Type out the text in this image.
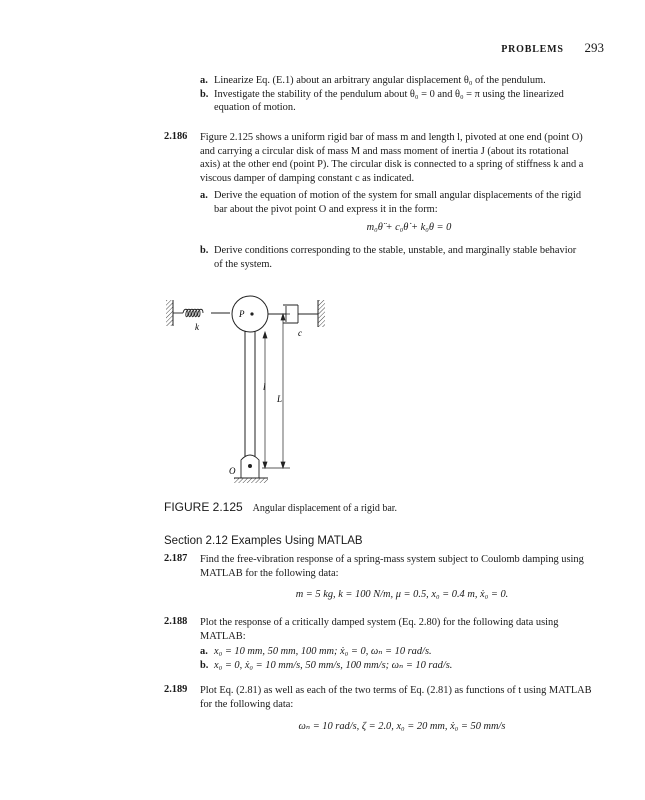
PROBLEMS 293
a. Linearize Eq. (E.1) about an arbitrary angular displacement θ₀ of the pendulum.
b. Investigate the stability of the pendulum about θ₀ = 0 and θ₀ = π using the linearized
equation of motion.
2.186 Figure 2.125 shows a uniform rigid bar of mass m and length l, pivoted at one end (point O)
and carrying a circular disk of mass M and mass moment of inertia J (about its rotational
axis) at the other end (point P). The circular disk is connected to a spring of stiffness k and a
viscous damper of damping constant c as indicated.
a. Derive the equation of motion of the system for small angular displacements of the rigid
bar about the pivot point O and express it in the form:
m₀θ̈ + c₀θ̇ + k₀θ = 0
b. Derive conditions corresponding to the stable, unstable, and marginally stable behavior
of the system.
k
P
c
l
L
O
FIGURE 2.125 Angular displacement of a rigid bar.
Section 2.12 Examples Using MATLAB
2.187 Find the free-vibration response of a spring-mass system subject to Coulomb damping using
MATLAB for the following data:
m = 5 kg, k = 100 N/m, μ = 0.5, x₀ = 0.4 m, ẋ₀ = 0.
2.188 Plot the response of a critically damped system (Eq. 2.80) for the following data using
MATLAB:
a. x₀ = 10 mm, 50 mm, 100 mm; ẋ₀ = 0, ωₙ = 10 rad/s.
b. x₀ = 0, ẋ₀ = 10 mm/s, 50 mm/s, 100 mm/s; ωₙ = 10 rad/s.
2.189 Plot Eq. (2.81) as well as each of the two terms of Eq. (2.81) as functions of t using MATLAB
for the following data:
ωₙ = 10 rad/s, ζ = 2.0, x₀ = 20 mm, ẋ₀ = 50 mm/s
